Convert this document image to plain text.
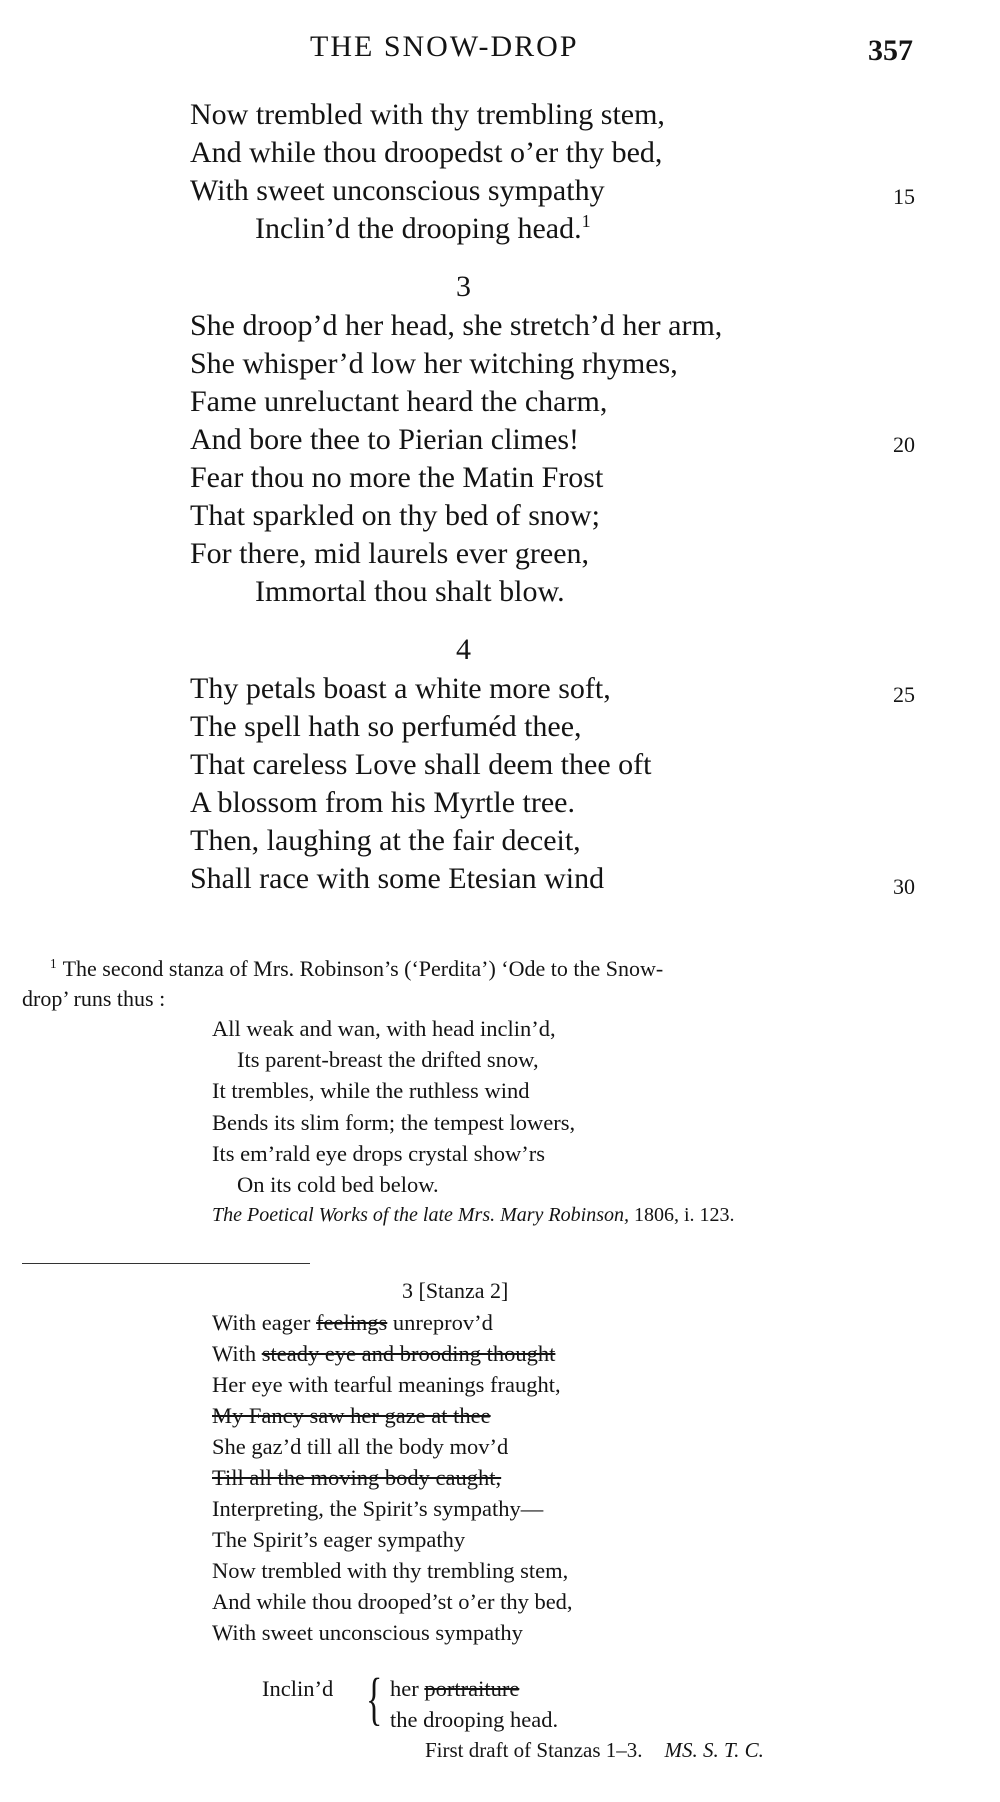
THE SNOW-DROP	357
Now trembled with thy trembling stem,
And while thou droopedst o’er thy bed,
With sweet unconscious sympathy	15
Inclin’d the drooping head.$^1$
3
She droop’d her head, she stretch’d her arm,
She whisper’d low her witching rhymes,
Fame unreluctant heard the charm,
And bore thee to Pierian climes!	20
Fear thou no more the Matin Frost
That sparkled on thy bed of snow;
For there, mid laurels ever green,
Immortal thou shalt blow.
4
Thy petals boast a white more soft,	25
The spell hath so perfuméd thee,
That careless Love shall deem thee oft
A blossom from his Myrtle tree.
Then, laughing at the fair deceit,
Shall race with some Etesian wind	30
$^1$ The second stanza of Mrs. Robinson’s (‘Perdita’) ‘Ode to the Snow-
drop’ runs thus :
All weak and wan, with head inclin’d,
Its parent-breast the drifted snow,
It trembles, while the ruthless wind
Bends its slim form; the tempest lowers,
Its em’rald eye drops crystal show’rs
On its cold bed below.
The Poetical Works of the late Mrs. Mary Robinson, 1806, i. 123.
3 [Stanza 2]
With eager feelings unreprov’d
With steady eye and brooding thought
Her eye with tearful meanings fraught,
My Fancy saw her gaze at thee
She gaz’d till all the body mov’d
Till all the moving body caught,
Interpreting, the Spirit’s sympathy—
The Spirit’s eager sympathy
Now trembled with thy trembling stem,
And while thou drooped’st o’er thy bed,
With sweet unconscious sympathy
Inclin’d { her portraiture
the drooping head.
First draft of Stanzas 1–3. MS. S. T. C.
